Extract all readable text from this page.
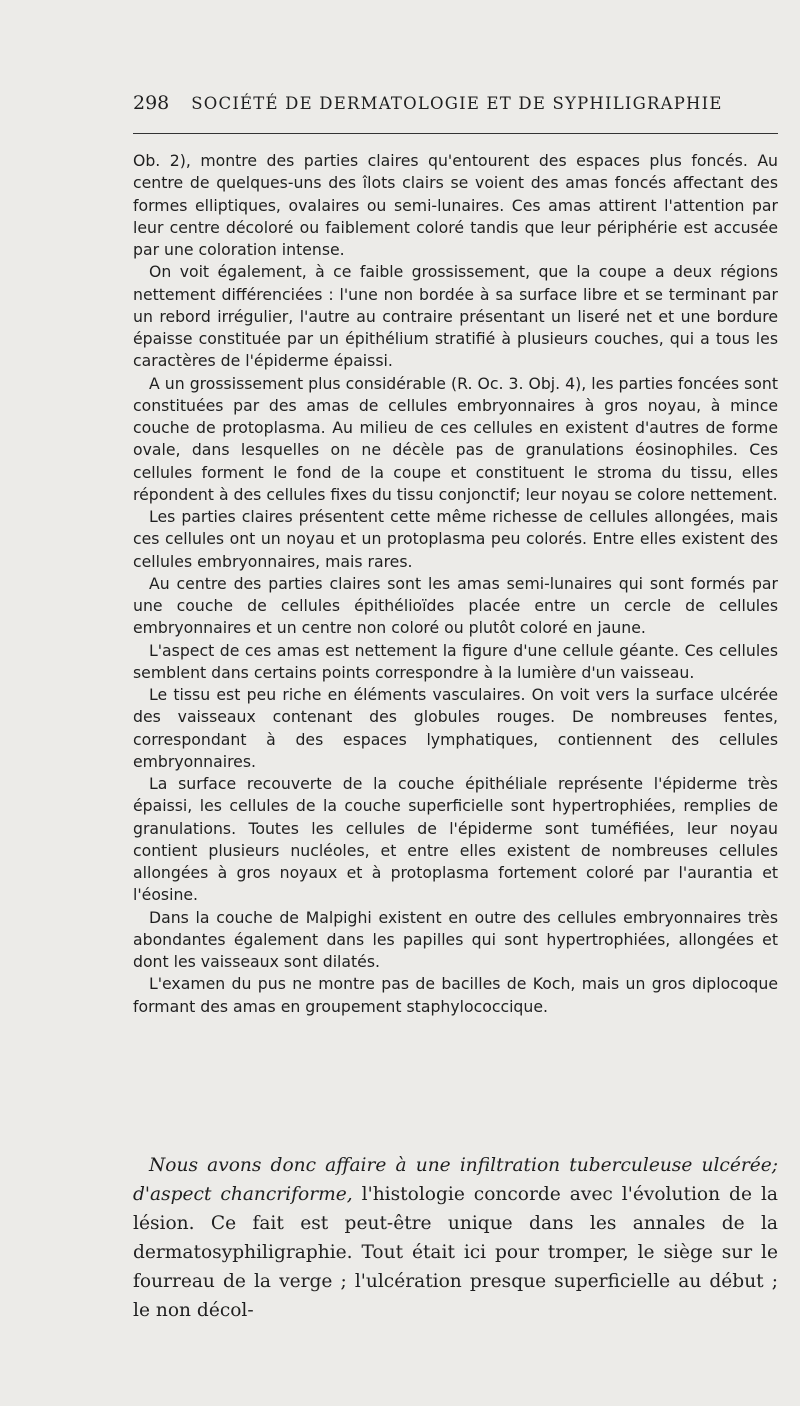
298 SOCIÉTÉ DE DERMATOLOGIE ET DE SYPHILIGRAPHIE

Ob. 2), montre des parties claires qu'entourent des espaces plus foncés. Au centre de quelques-uns des îlots clairs se voient des amas foncés affectant des formes elliptiques, ovalaires ou semi-lunaires. Ces amas attirent l'attention par leur centre décoloré ou faiblement coloré tandis que leur périphérie est accusée par une coloration intense.

On voit également, à ce faible grossissement, que la coupe a deux régions nettement différenciées : l'une non bordée à sa surface libre et se terminant par un rebord irrégulier, l'autre au contraire présentant un liseré net et une bordure épaisse constituée par un épithélium stratifié à plusieurs couches, qui a tous les caractères de l'épiderme épaissi.

A un grossissement plus considérable (R. Oc. 3. Obj. 4), les parties foncées sont constituées par des amas de cellules embryonnaires à gros noyau, à mince couche de protoplasma. Au milieu de ces cellules en existent d'autres de forme ovale, dans lesquelles on ne décèle pas de granulations éosinophiles. Ces cellules forment le fond de la coupe et constituent le stroma du tissu, elles répondent à des cellules fixes du tissu conjonctif; leur noyau se colore nettement.

Les parties claires présentent cette même richesse de cellules allongées, mais ces cellules ont un noyau et un protoplasma peu colorés. Entre elles existent des cellules embryonnaires, mais rares.

Au centre des parties claires sont les amas semi-lunaires qui sont formés par une couche de cellules épithélioïdes placée entre un cercle de cellules embryonnaires et un centre non coloré ou plutôt coloré en jaune.

L'aspect de ces amas est nettement la figure d'une cellule géante. Ces cellules semblent dans certains points correspondre à la lumière d'un vaisseau.

Le tissu est peu riche en éléments vasculaires. On voit vers la surface ulcérée des vaisseaux contenant des globules rouges. De nombreuses fentes, correspondant à des espaces lymphatiques, contiennent des cellules embryonnaires.

La surface recouverte de la couche épithéliale représente l'épiderme très épaissi, les cellules de la couche superficielle sont hypertrophiées, remplies de granulations. Toutes les cellules de l'épiderme sont tuméfiées, leur noyau contient plusieurs nucléoles, et entre elles existent de nombreuses cellules allongées à gros noyaux et à protoplasma fortement coloré par l'aurantia et l'éosine.

Dans la couche de Malpighi existent en outre des cellules embryonnaires très abondantes également dans les papilles qui sont hypertrophiées, allongées et dont les vaisseaux sont dilatés.

L'examen du pus ne montre pas de bacilles de Koch, mais un gros diplocoque formant des amas en groupement staphylococcique.

Nous avons donc affaire à une infiltration tuberculeuse ulcérée; d'aspect chancriforme, l'histologie concorde avec l'évolution de la lésion. Ce fait est peut-être unique dans les annales de la dermatosyphiligraphie. Tout était ici pour tromper, le siège sur le fourreau de la verge ; l'ulcération presque superficielle au début ; le non décol-
